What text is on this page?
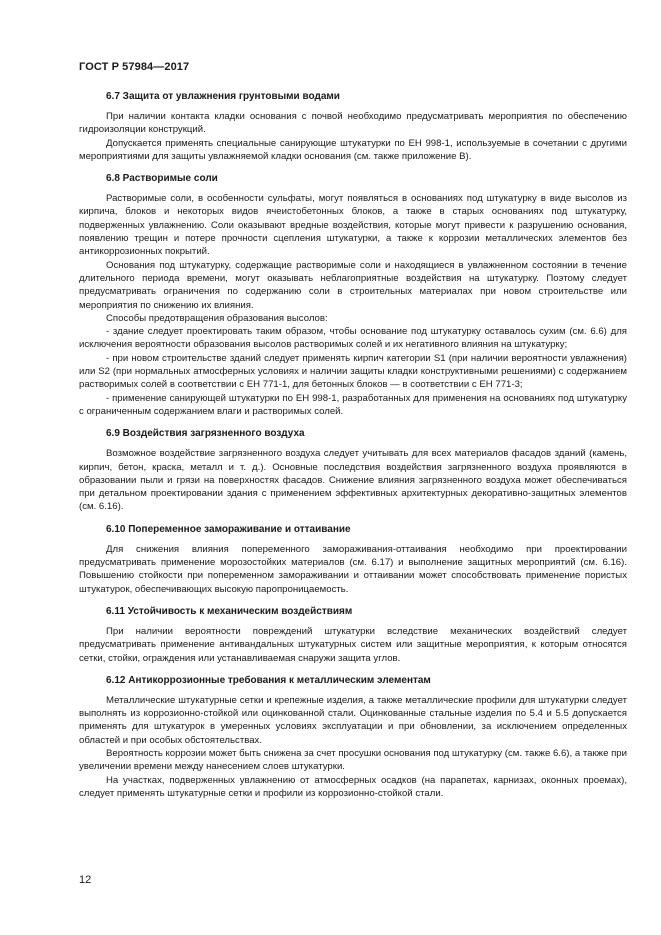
ГОСТ Р 57984—2017
6.7 Защита от увлажнения грунтовыми водами

При наличии контакта кладки основания с почвой необходимо предусматривать мероприятия по обеспечению гидроизоляции конструкций.

Допускается применять специальные санирующие штукатурки по ЕН 998-1, используемые в сочетании с другими мероприятиями для защиты увлажняемой кладки основания (см. также приложение В).

6.8 Растворимые соли

Растворимые соли, в особенности сульфаты, могут появляться в основаниях под штукатурку в виде высолов из кирпича, блоков и некоторых видов ячеистобетонных блоков, а также в старых основаниях под штукатурку, подверженных увлажнению. Соли оказывают вредные воздействия, которые могут привести к разрушению основания, появлению трещин и потере прочности сцепления штукатурки, а также к коррозии металлических элементов без антикоррозионных покрытий.

Основания под штукатурку, содержащие растворимые соли и находящиеся в увлажненном состоянии в течение длительного периода времени, могут оказывать неблагоприятные воздействия на штукатурку. Поэтому следует предусматривать ограничения по содержанию соли в строительных материалах при новом строительстве или мероприятия по снижению их влияния.

Способы предотвращения образования высолов:

- здание следует проектировать таким образом, чтобы основание под штукатурку оставалось сухим (см. 6.6) для исключения вероятности образования высолов растворимых солей и их негативного влияния на штукатурку;

- при новом строительстве зданий следует применять кирпич категории S1 (при наличии вероятности увлажнения) или S2 (при нормальных атмосферных условиях и наличии защиты кладки конструктивными решениями) с содержанием растворимых солей в соответствии с ЕН 771-1, для бетонных блоков — в соответствии с ЕН 771-3;

- применение санирующей штукатурки по ЕН 998-1, разработанных для применения на основаниях под штукатурку с ограниченным содержанием влаги и растворимых солей.

6.9 Воздействия загрязненного воздуха

Возможное воздействие загрязненного воздуха следует учитывать для всех материалов фасадов зданий (камень, кирпич, бетон, краска, металл и т. д.). Основные последствия воздействия загрязненного воздуха проявляются в образовании пыли и грязи на поверхностях фасадов. Снижение влияния загрязненного воздуха может обеспечиваться при детальном проектировании здания с применением эффективных архитектурных декоративно-защитных элементов (см. 6.16).

6.10 Попеременное замораживание и оттаивание

Для снижения влияния попеременного замораживания-оттаивания необходимо при проектировании предусматривать применение морозостойких материалов (см. 6.17) и выполнение защитных мероприятий (см. 6.16). Повышению стойкости при попеременном замораживании и оттаивании может способствовать применение пористых штукатурок, обеспечивающих высокую паропроницаемость.

6.11 Устойчивость к механическим воздействиям

При наличии вероятности повреждений штукатурки вследствие механических воздействий следует предусматривать применение антивандальных штукатурных систем или защитные мероприятия, к которым относятся сетки, стойки, ограждения или устанавливаемая снаружи защита углов.

6.12 Антикоррозионные требования к металлическим элементам

Металлические штукатурные сетки и крепежные изделия, а также металлические профили для штукатурки следует выполнять из коррозионно-стойкой или оцинкованной стали. Оцинкованные стальные изделия по 5.4 и 5.5 допускается применять для штукатурок в умеренных условиях эксплуатации и при обновлении, за исключением определенных областей и при особых обстоятельствах.

Вероятность коррозии может быть снижена за счет просушки основания под штукатурку (см. также 6.6), а также при увеличении времени между нанесением слоев штукатурки.

На участках, подверженных увлажнению от атмосферных осадков (на парапетах, карнизах, оконных проемах), следует применять штукатурные сетки и профили из коррозионно-стойкой стали.

12
